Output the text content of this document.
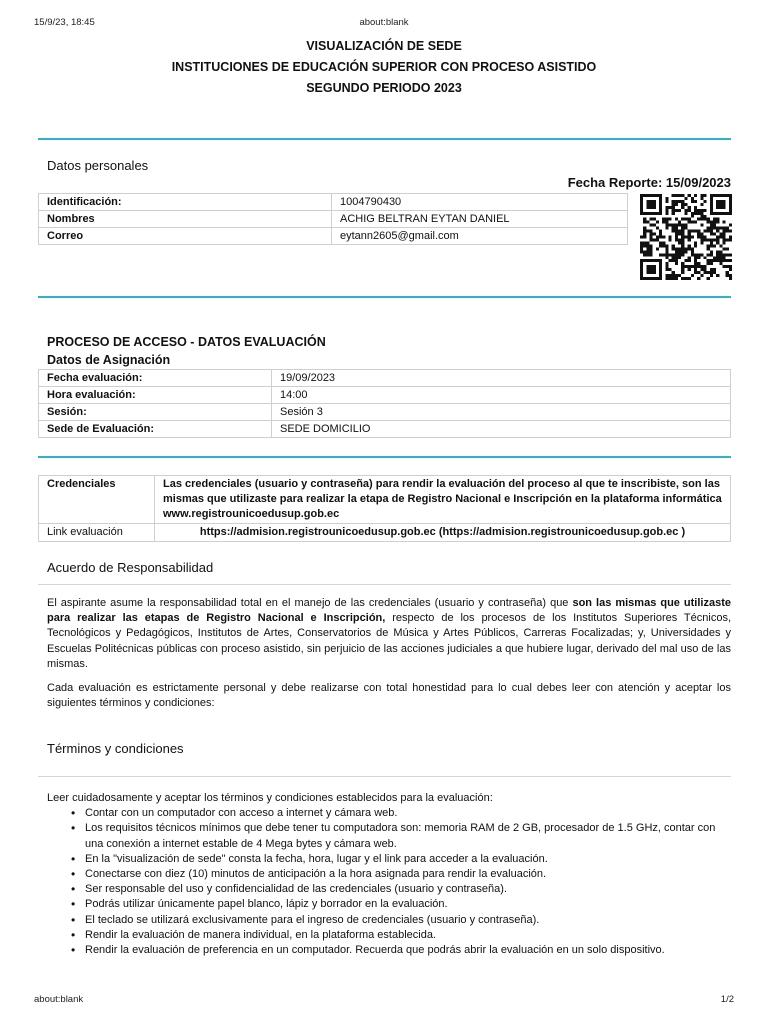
15/9/23, 18:45	about:blank
VISUALIZACIÓN DE SEDE
INSTITUCIONES DE EDUCACIÓN SUPERIOR CON PROCESO ASISTIDO
SEGUNDO PERIODO 2023
Datos personales
Fecha Reporte: 15/09/2023
Identificación:	1004790430
Nombres	ACHIG BELTRAN EYTAN DANIEL
Correo	eytann2605@gmail.com
PROCESO DE ACCESO - DATOS EVALUACIÓN
Datos de Asignación
Fecha evaluación:	19/09/2023
Hora evaluación:	14:00
Sesión:	Sesión 3
Sede de Evaluación:	SEDE DOMICILIO
Credenciales	Las credenciales (usuario y contraseña) para rendir la evaluación del proceso al que te inscribiste, son las mismas que utilizaste para realizar la etapa de Registro Nacional e Inscripción en la plataforma informática www.registrounicoedusup.gob.ec
Link evaluación	https://admision.registrounicoedusup.gob.ec (https://admision.registrounicoedusup.gob.ec )
Acuerdo de Responsabilidad
El aspirante asume la responsabilidad total en el manejo de las credenciales (usuario y contraseña) que son las mismas que utilizaste para realizar las etapas de Registro Nacional e Inscripción, respecto de los procesos de los Institutos Superiores Técnicos, Tecnológicos y Pedagógicos, Institutos de Artes, Conservatorios de Música y Artes Públicos, Carreras Focalizadas; y, Universidades y Escuelas Politécnicas públicas con proceso asistido, sin perjuicio de las acciones judiciales a que hubiere lugar, derivado del mal uso de las mismas.
Cada evaluación es estrictamente personal y debe realizarse con total honestidad para lo cual debes leer con atención y aceptar los siguientes términos y condiciones:
Términos y condiciones
Leer cuidadosamente y aceptar los términos y condiciones establecidos para la evaluación:
• Contar con un computador con acceso a internet y cámara web.
• Los requisitos técnicos mínimos que debe tener tu computadora son: memoria RAM de 2 GB, procesador de 1.5 GHz, contar con una conexión a internet estable de 4 Mega bytes y cámara web.
• En la "visualización de sede" consta la fecha, hora, lugar y el link para acceder a la evaluación.
• Conectarse con diez (10) minutos de anticipación a la hora asignada para rendir la evaluación.
• Ser responsable del uso y confidencialidad de las credenciales (usuario y contraseña).
• Podrás utilizar únicamente papel blanco, lápiz y borrador en la evaluación.
• El teclado se utilizará exclusivamente para el ingreso de credenciales (usuario y contraseña).
• Rendir la evaluación de manera individual, en la plataforma establecida.
• Rendir la evaluación de preferencia en un computador. Recuerda que podrás abrir la evaluación en un solo dispositivo.
about:blank	1/2
